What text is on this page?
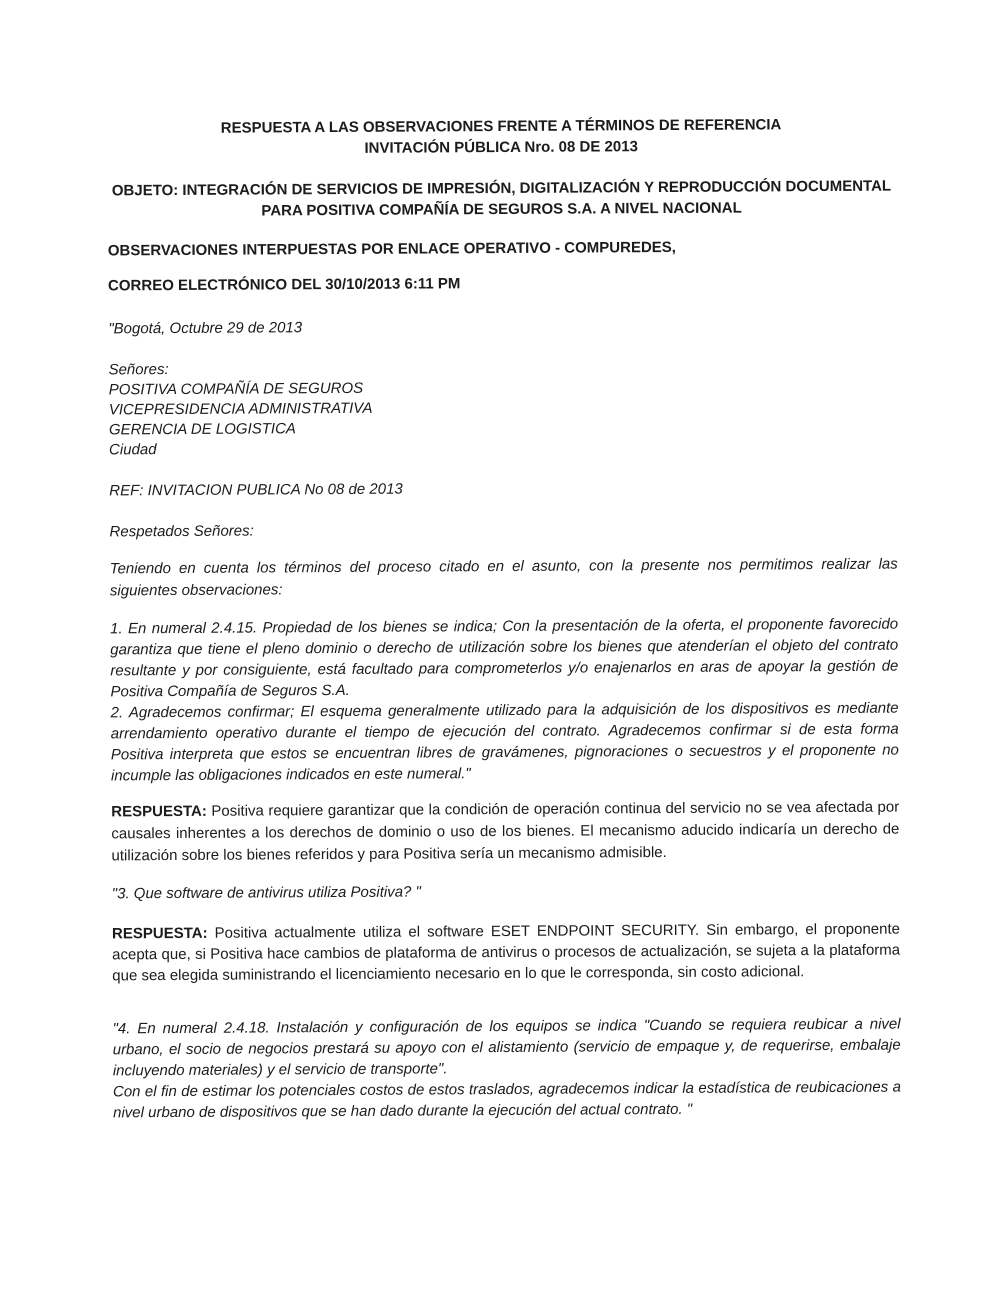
RESPUESTA A LAS OBSERVACIONES FRENTE A TÉRMINOS DE REFERENCIA

INVITACIÓN PÚBLICA Nro. 08 DE 2013

OBJETO: INTEGRACIÓN DE SERVICIOS DE IMPRESIÓN, DIGITALIZACIÓN Y REPRODUCCIÓN DOCUMENTAL PARA POSITIVA COMPAÑÍA DE SEGUROS S.A. A NIVEL NACIONAL

OBSERVACIONES INTERPUESTAS POR ENLACE OPERATIVO - COMPUREDES,

CORREO ELECTRÓNICO DEL 30/10/2013 6:11 PM

"Bogotá, Octubre 29 de 2013

Señores:

POSITIVA COMPAÑÍA DE SEGUROS

VICEPRESIDENCIA ADMINISTRATIVA

GERENCIA DE LOGISTICA

Ciudad

REF: INVITACION PUBLICA No 08 de 2013

Respetados Señores:

Teniendo en cuenta los términos del proceso citado en el asunto, con la presente nos permitimos realizar las siguientes observaciones:

1. En numeral 2.4.15. Propiedad de los bienes se indica; Con la presentación de la oferta, el proponente favorecido garantiza que tiene el pleno dominio o derecho de utilización sobre los bienes que atenderían el objeto del contrato resultante y por consiguiente, está facultado para comprometerlos y/o enajenarlos en aras de apoyar la gestión de Positiva Compañía de Seguros S.A.

2. Agradecemos confirmar; El esquema generalmente utilizado para la adquisición de los dispositivos es mediante arrendamiento operativo durante el tiempo de ejecución del contrato. Agradecemos confirmar si de esta forma Positiva interpreta que estos se encuentran libres de gravámenes, pignoraciones o secuestros y el proponente no incumple las obligaciones indicados en este numeral."

RESPUESTA: Positiva requiere garantizar que la condición de operación continua del servicio no se vea afectada por causales inherentes a los derechos de dominio o uso de los bienes. El mecanismo aducido indicaría un derecho de utilización sobre los bienes referidos y para Positiva sería un mecanismo admisible.

"3. Que software de antivirus utiliza Positiva? "

RESPUESTA: Positiva actualmente utiliza el software ESET ENDPOINT SECURITY. Sin embargo, el proponente acepta que, si Positiva hace cambios de plataforma de antivirus o procesos de actualización, se sujeta a la plataforma que sea elegida suministrando el licenciamiento necesario en lo que le corresponda, sin costo adicional.

"4. En numeral 2.4.18. Instalación y configuración de los equipos se indica "Cuando se requiera reubicar a nivel urbano, el socio de negocios prestará su apoyo con el alistamiento (servicio de empaque y, de requerirse, embalaje incluyendo materiales) y el servicio de transporte".

Con el fin de estimar los potenciales costos de estos traslados, agradecemos indicar la estadística de reubicaciones a nivel urbano de dispositivos que se han dado durante la ejecución del actual contrato. "
